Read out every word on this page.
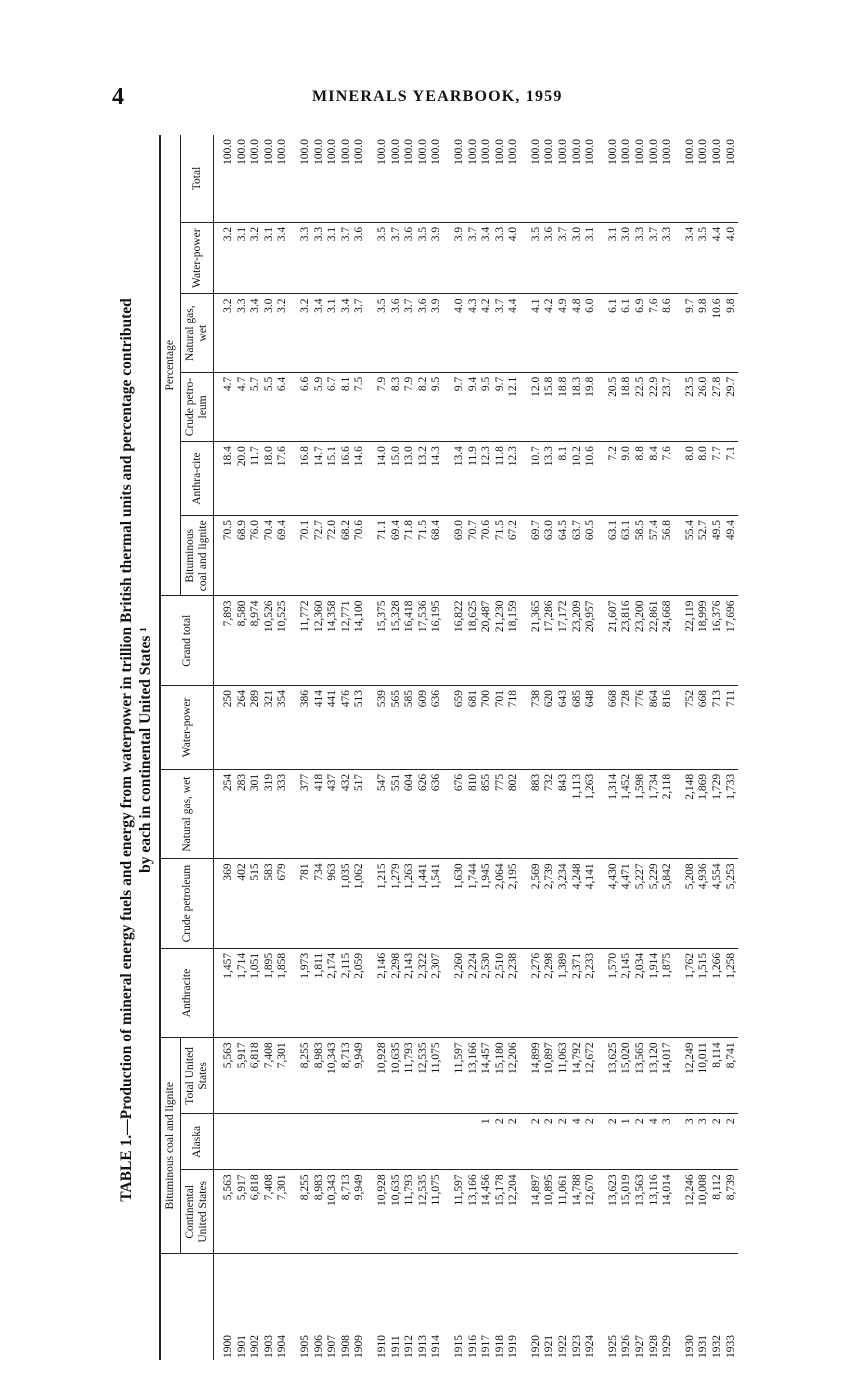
4	MINERALS YEARBOOK, 1959
TABLE 1.—Production of mineral energy fuels and energy from waterpower in trillion British thermal units and percentage contributed by each in continental United States ¹
	Bituminous coal and lignite			Anthracite	Crude petroleum	Natural gas, wet	Water-power	Grand total	Percentage					
	Continental United States	Alaska	Total United States						Bituminous coal and lignite	Anthra-cite	Crude petro-leum	Natural gas, wet	Water-power	Total
1900	5,563		5,563	1,457	369	254	250	7,893	70.5	18.4	4.7	3.2	3.2	100.0
1901	5,917		5,917	1,714	402	283	264	8,580	68.9	20.0	4.7	3.3	3.1	100.0
1902	6,818		6,818	1,051	515	301	289	8,974	76.0	11.7	5.7	3.4	3.2	100.0
1903	7,408		7,408	1,895	583	319	321	10,526	70.4	18.0	5.5	3.0	3.1	100.0
1904	7,301		7,301	1,858	679	333	354	10,525	69.4	17.6	6.4	3.2	3.4	100.0

1905	8,255		8,255	1,973	781	377	386	11,772	70.1	16.8	6.6	3.2	3.3	100.0
1906	8,983		8,983	1,811	734	418	414	12,360	72.7	14.7	5.9	3.4	3.3	100.0
1907	10,343		10,343	2,174	963	437	441	14,358	72.0	15.1	6.7	3.1	3.1	100.0
1908	8,713		8,713	2,115	1,035	432	476	12,771	68.2	16.6	8.1	3.4	3.7	100.0
1909	9,949		9,949	2,059	1,062	517	513	14,100	70.6	14.6	7.5	3.7	3.6	100.0

1910	10,928		10,928	2,146	1,215	547	539	15,375	71.1	14.0	7.9	3.5	3.5	100.0
1911	10,635		10,635	2,298	1,279	551	565	15,328	69.4	15.0	8.3	3.6	3.7	100.0
1912	11,793		11,793	2,143	1,263	604	585	16,418	71.8	13.0	7.9	3.7	3.6	100.0
1913	12,535		12,535	2,322	1,441	626	609	17,536	71.5	13.2	8.2	3.6	3.5	100.0
1914	11,075		11,075	2,307	1,541	636	636	16,195	68.4	14.3	9.5	3.9	3.9	100.0

1915	11,597		11,597	2,260	1,630	676	659	16,822	69.0	13.4	9.7	4.0	3.9	100.0
1916	13,166		13,166	2,224	1,744	810	681	18,625	70.7	11.9	9.4	4.3	3.7	100.0
1917	14,456	1	14,457	2,530	1,945	855	700	20,487	70.6	12.3	9.5	4.2	3.4	100.0
1918	15,178	2	15,180	2,510	2,064	775	701	21,230	71.5	11.8	9.7	3.7	3.3	100.0
1919	12,204	2	12,206	2,238	2,195	802	718	18,159	67.2	12.3	12.1	4.4	4.0	100.0

1920	14,897	2	14,899	2,276	2,569	883	738	21,365	69.7	10.7	12.0	4.1	3.5	100.0
1921	10,895	2	10,897	2,298	2,739	732	620	17,286	63.0	13.3	15.8	4.2	3.6	100.0
1922	11,061	2	11,063	1,389	3,234	843	643	17,172	64.5	8.1	18.8	4.9	3.7	100.0
1923	14,788	4	14,792	2,371	4,248	1,113	685	23,209	63.7	10.2	18.3	4.8	3.0	100.0
1924	12,670	2	12,672	2,233	4,141	1,263	648	20,957	60.5	10.6	19.8	6.0	3.1	100.0

1925	13,623	2	13,625	1,570	4,430	1,314	668	21,607	63.1	7.2	20.5	6.1	3.1	100.0
1926	15,019	1	15,020	2,145	4,471	1,452	728	23,816	63.1	9.0	18.8	6.1	3.0	100.0
1927	13,563	2	13,565	2,034	5,227	1,598	776	23,200	58.5	8.8	22.5	6.9	3.3	100.0
1928	13,116	4	13,120	1,914	5,229	1,734	864	22,861	57.4	8.4	22.9	7.6	3.7	100.0
1929	14,014	3	14,017	1,875	5,842	2,118	816	24,668	56.8	7.6	23.7	8.6	3.3	100.0

1930	12,246	3	12,249	1,762	5,208	2,148	752	22,119	55.4	8.0	23.5	9.7	3.4	100.0
1931	10,008	3	10,011	1,515	4,936	1,869	668	18,999	52.7	8.0	26.0	9.8	3.5	100.0
1932	8,112	2	8,114	1,266	4,554	1,729	713	16,376	49.5	7.7	27.8	10.6	4.4	100.0
1933	8,739	2	8,741	1,258	5,253	1,733	711	17,696	49.4	7.1	29.7	9.8	4.0	100.0
